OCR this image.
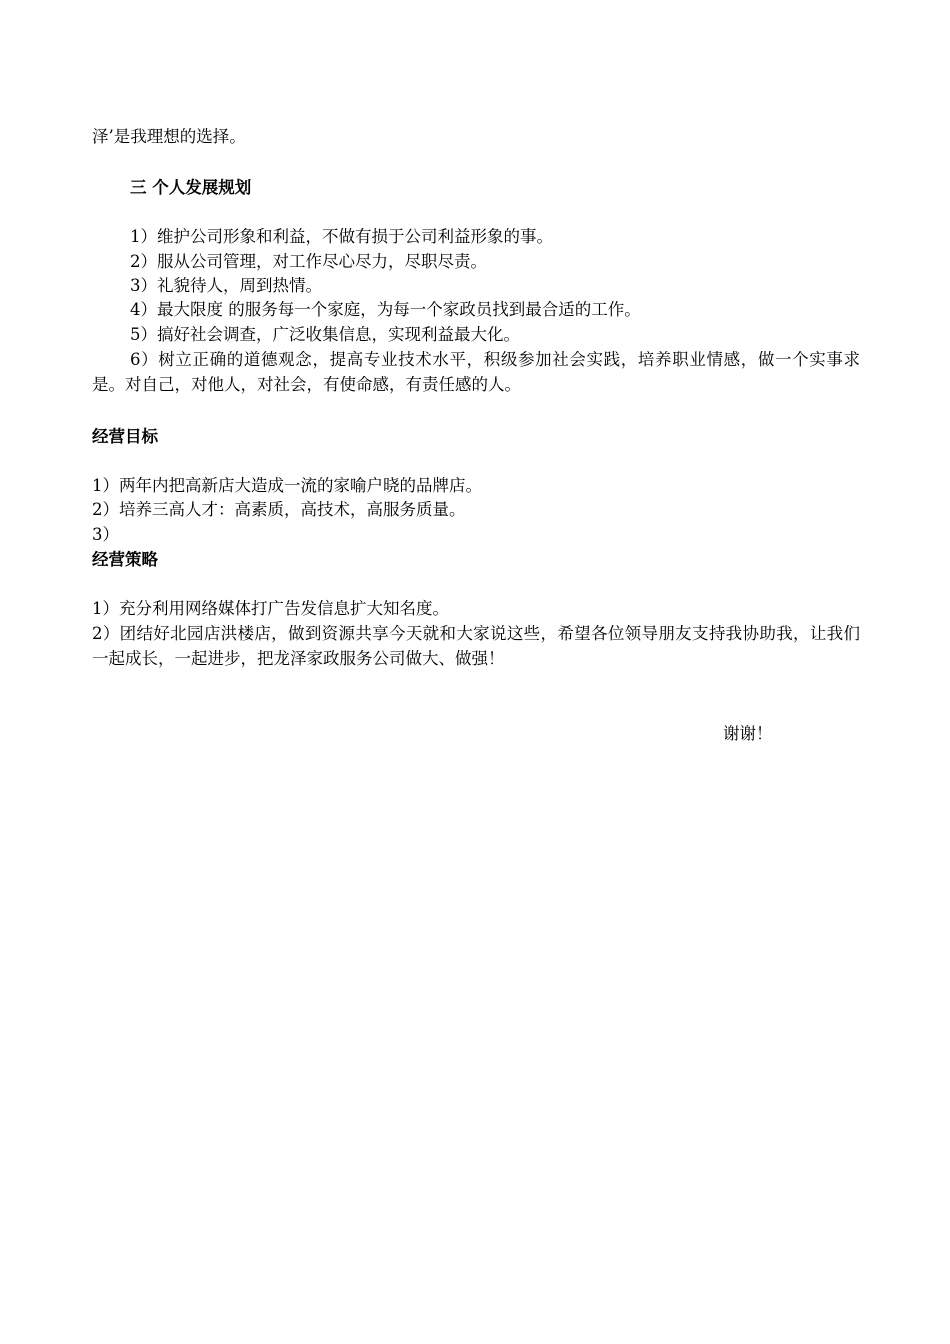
泽’是我理想的选择。
三 个人发展规划
1）维护公司形象和利益，不做有损于公司利益形象的事。
2）服从公司管理，对工作尽心尽力，尽职尽责。
3）礼貌待人，周到热情。
4）最大限度 的服务每一个家庭，为每一个家政员找到最合适的工作。
5）搞好社会调查，广泛收集信息，实现利益最大化。
6）树立正确的道德观念，提高专业技术水平，积级参加社会实践，培养职业情感，做一个实事求是。对自己，对他人，对社会，有使命感，有责任感的人。
经营目标
1）两年内把高新店大造成一流的家喻户晓的品牌店。
2）培养三高人才：高素质，高技术，高服务质量。
3）
经营策略
1）充分利用网络媒体打广告发信息扩大知名度。
2）团结好北园店洪楼店，做到资源共享今天就和大家说这些，希望各位领导朋友支持我协助我，让我们一起成长，一起进步，把龙泽家政服务公司做大、做强！
谢谢！
